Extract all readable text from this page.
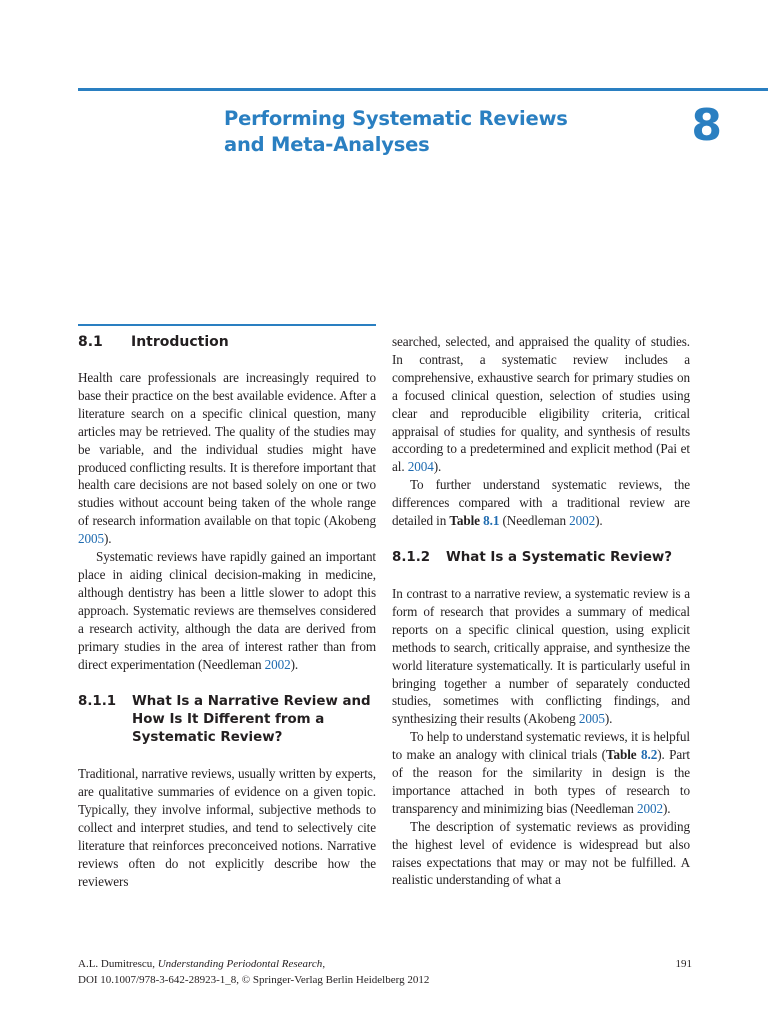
Performing Systematic Reviews
and Meta-Analyses	8
8.1	Introduction

Health care professionals are increasingly required to base their practice on the best available evidence. After a literature search on a specific clinical question, many articles may be retrieved. The quality of the studies may be variable, and the individual studies might have produced conflicting results. It is therefore important that health care decisions are not based solely on one or two studies without account being taken of the whole range of research information available on that topic (Akobeng 2005).

Systematic reviews have rapidly gained an important place in aiding clinical decision-making in medicine, although dentistry has been a little slower to adopt this approach. Systematic reviews are themselves considered a research activity, although the data are derived from primary studies in the area of interest rather than from direct experimentation (Needleman 2002).

8.1.1	What Is a Narrative Review and How Is It Different from a Systematic Review?

Traditional, narrative reviews, usually written by experts, are qualitative summaries of evidence on a given topic. Typically, they involve informal, subjective methods to collect and interpret studies, and tend to selectively cite literature that reinforces preconceived notions. Narrative reviews often do not explicitly describe how the reviewers

searched, selected, and appraised the quality of studies. In contrast, a systematic review includes a comprehensive, exhaustive search for primary studies on a focused clinical question, selection of studies using clear and reproducible eligibility criteria, critical appraisal of studies for quality, and synthesis of results according to a predetermined and explicit method (Pai et al. 2004).

To further understand systematic reviews, the differences compared with a traditional review are detailed in Table 8.1 (Needleman 2002).

8.1.2	What Is a Systematic Review?

In contrast to a narrative review, a systematic review is a form of research that provides a summary of medical reports on a specific clinical question, using explicit methods to search, critically appraise, and synthesize the world literature systematically. It is particularly useful in bringing together a number of separately conducted studies, sometimes with conflicting findings, and synthesizing their results (Akobeng 2005).

To help to understand systematic reviews, it is helpful to make an analogy with clinical trials (Table 8.2). Part of the reason for the similarity in design is the importance attached in both types of research to transparency and minimizing bias (Needleman 2002).

The description of systematic reviews as providing the highest level of evidence is widespread but also raises expectations that may or may not be fulfilled. A realistic understanding of what a

A.L. Dumitrescu, Understanding Periodontal Research,
DOI 10.1007/978-3-642-28923-1_8, © Springer-Verlag Berlin Heidelberg 2012
191
